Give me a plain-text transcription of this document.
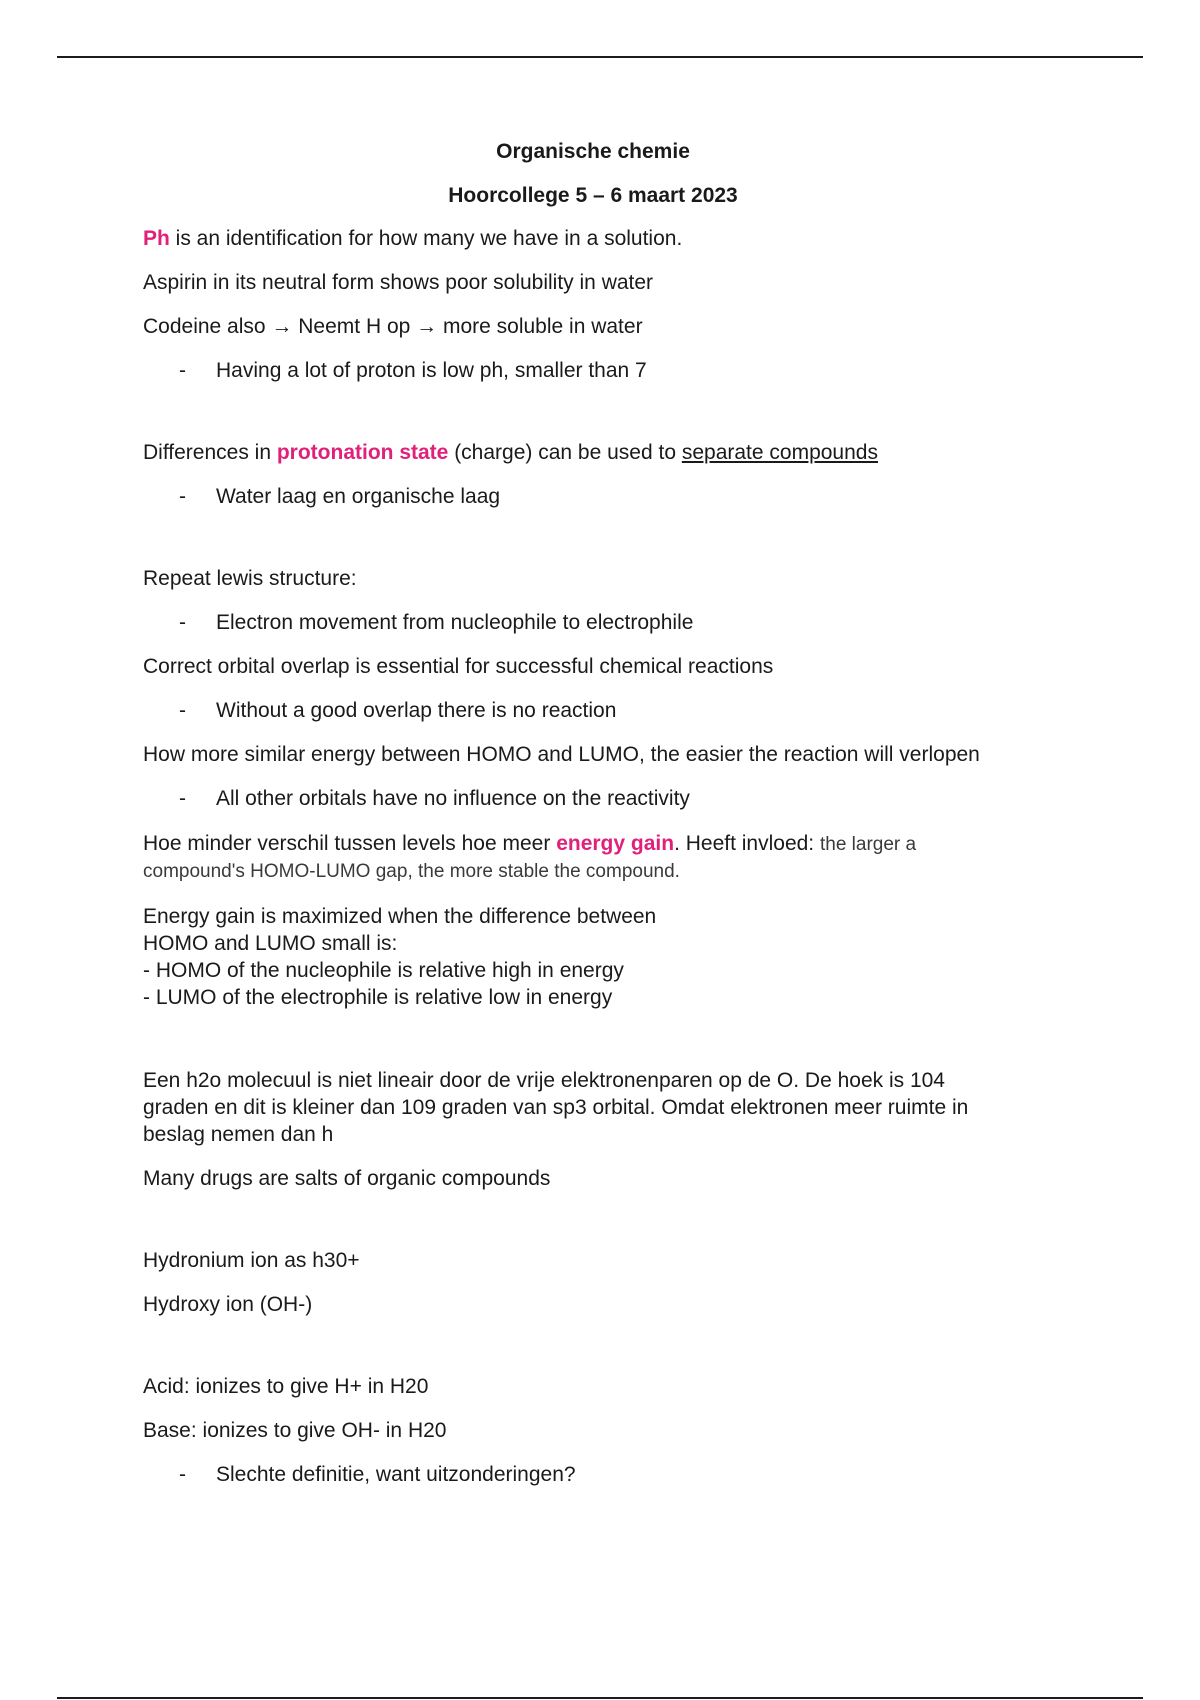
Organische chemie

Hoorcollege 5 – 6 maart 2023

Ph is an identification for how many we have in a solution.

Aspirin in its neutral form shows poor solubility in water

Codeine also → Neemt H op → more soluble in water

- Having a lot of proton is low ph, smaller than 7

Differences in protonation state (charge) can be used to separate compounds

- Water laag en organische laag

Repeat lewis structure:

- Electron movement from nucleophile to electrophile

Correct orbital overlap is essential for successful chemical reactions

- Without a good overlap there is no reaction

How more similar energy between HOMO and LUMO, the easier the reaction will verlopen

- All other orbitals have no influence on the reactivity
Hoe minder verschil tussen levels hoe meer energy gain. Heeft invloed: the larger a
compound's HOMO-LUMO gap, the more stable the compound.
Energy gain is maximized when the difference between
HOMO and LUMO small is:
- HOMO of the nucleophile is relative high in energy
- LUMO of the electrophile is relative low in energy
Een h2o molecuul is niet lineair door de vrije elektronenparen op de O. De hoek is 104
graden en dit is kleiner dan 109 graden van sp3 orbital. Omdat elektronen meer ruimte in
beslag nemen dan h

Many drugs are salts of organic compounds

Hydronium ion as h30+

Hydroxy ion (OH-)

Acid: ionizes to give H+ in H20

Base: ionizes to give OH- in H20

- Slechte definitie, want uitzonderingen?
